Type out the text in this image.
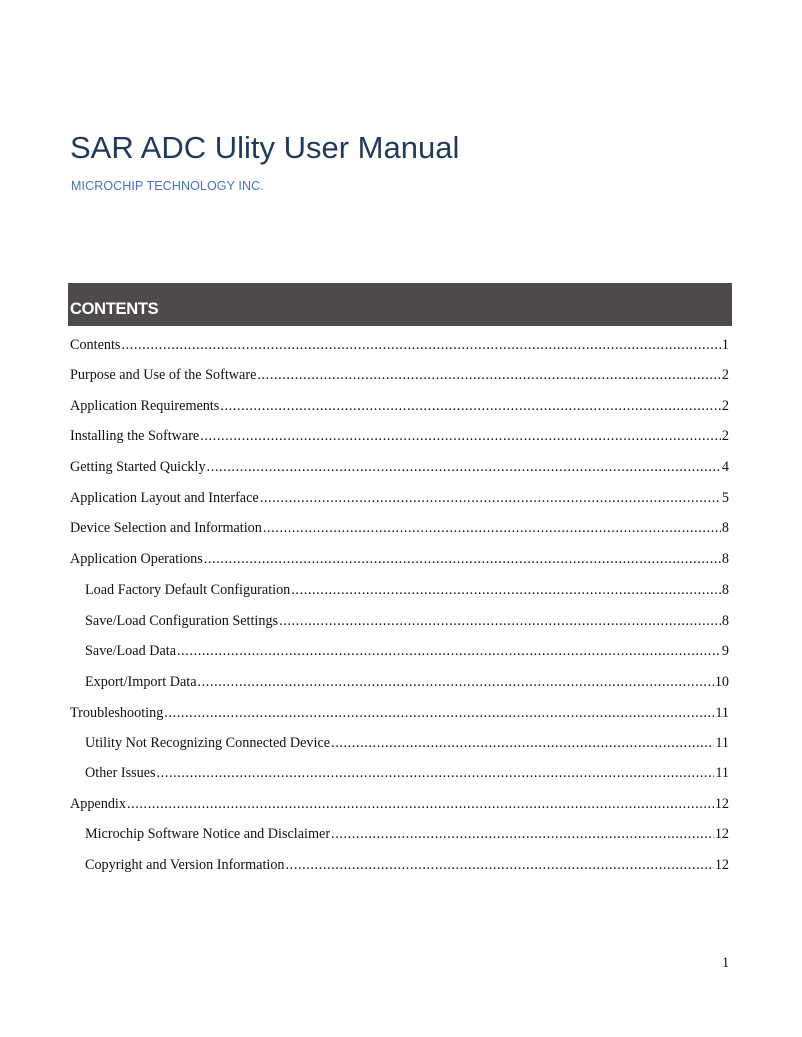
SAR ADC Ulity User Manual
MICROCHIP TECHNOLOGY INC.
CONTENTS
Contents .....	1
Purpose and Use of the Software .....	2
Application Requirements .....	2
Installing the Software .....	2
Getting Started Quickly .....	4
Application Layout and Interface .....	5
Device Selection and Information .....	8
Application Operations .....	8
Load Factory Default Configuration .....	8
Save/Load Configuration Settings .....	8
Save/Load Data .....	9
Export/Import Data .....	10
Troubleshooting .....	11
Utility Not Recognizing Connected Device .....	11
Other Issues .....	11
Appendix .....	12
Microchip Software Notice and Disclaimer .....	12
Copyright and Version Information .....	12
1
